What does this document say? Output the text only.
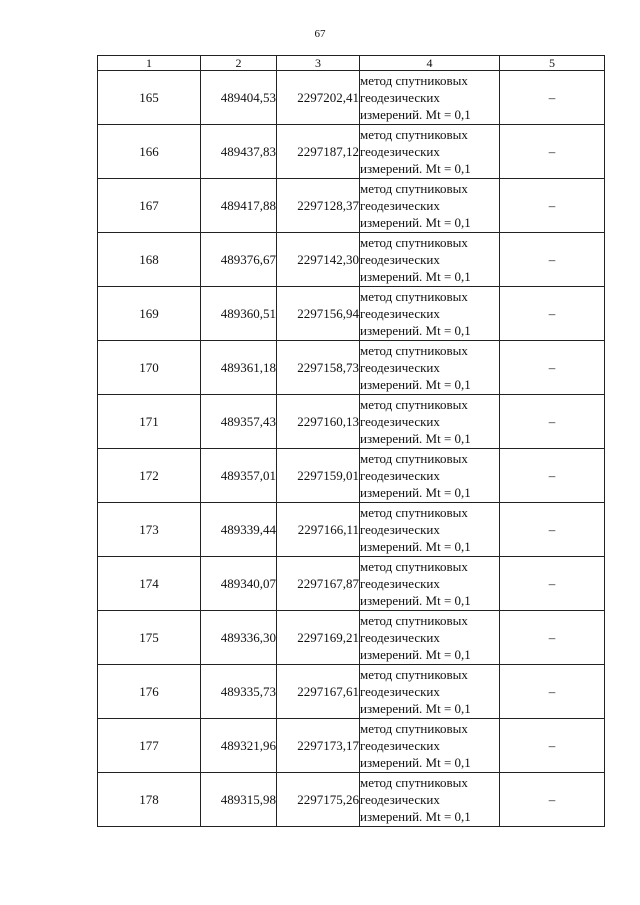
67
1	2	3	4	5
165	489404,53	2297202,41	метод спутниковых
геодезических
измерений. Mt = 0,1	–
166	489437,83	2297187,12	метод спутниковых
геодезических
измерений. Mt = 0,1	–
167	489417,88	2297128,37	метод спутниковых
геодезических
измерений. Mt = 0,1	–
168	489376,67	2297142,30	метод спутниковых
геодезических
измерений. Mt = 0,1	–
169	489360,51	2297156,94	метод спутниковых
геодезических
измерений. Mt = 0,1	–
170	489361,18	2297158,73	метод спутниковых
геодезических
измерений. Mt = 0,1	–
171	489357,43	2297160,13	метод спутниковых
геодезических
измерений. Mt = 0,1	–
172	489357,01	2297159,01	метод спутниковых
геодезических
измерений. Mt = 0,1	–
173	489339,44	2297166,11	метод спутниковых
геодезических
измерений. Mt = 0,1	–
174	489340,07	2297167,87	метод спутниковых
геодезических
измерений. Mt = 0,1	–
175	489336,30	2297169,21	метод спутниковых
геодезических
измерений. Mt = 0,1	–
176	489335,73	2297167,61	метод спутниковых
геодезических
измерений. Mt = 0,1	–
177	489321,96	2297173,17	метод спутниковых
геодезических
измерений. Mt = 0,1	–
178	489315,98	2297175,26	метод спутниковых
геодезических
измерений. Mt = 0,1	–
